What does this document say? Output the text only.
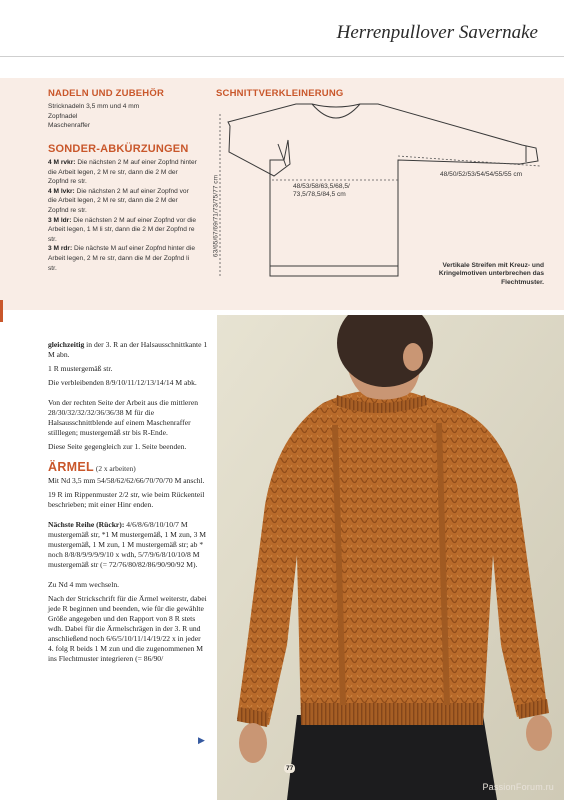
Herrenpullover Savernake
NADELN UND ZUBEHÖR
Stricknadeln 3,5 mm und 4 mm
Zopfnadel
Maschenraffer
SONDER-ABKÜRZUNGEN

4 M rvkr: Die nächsten 2 M auf einer Zopfnd hinter die Arbeit legen, 2 M re str, dann die 2 M der Zopfnd re str.

4 M lvkr: Die nächsten 2 M auf einer Zopfnd vor die Arbeit legen, 2 M re str, dann die 2 M der Zopfnd re str.

3 M ldr: Die nächsten 2 M auf einer Zopfnd vor die Arbeit legen, 1 M li str, dann die 2 M der Zopfnd re str.

3 M rdr: Die nächste M auf einer Zopfnd hinter die Arbeit legen, 2 M re str, dann die M der Zopfnd li str.

SCHNITTVERKLEINERUNG
63/65/67/69/71/73/75/77 cm	48/53/58/63,5/68,5/ 73,5/78,5/84,5 cm
48/50/52/53/54/54/55/55 cm
Vertikale Streifen mit Kreuz- und Kringelmotiven unterbrechen das Flechtmuster.

gleichzeitig in der 3. R an der Halsausschnittkante 1 M abn.

1 R mustergemäß str.

Die verbleibenden 8/9/10/11/12/13/14/14 M abk.

Von der rechten Seite der Arbeit aus die mittleren 28/30/32/32/32/36/36/38 M für die Halsausschnittblende auf einem Maschenraffer stilllegen; mustergemäß str bis R-Ende.

Diese Seite gegengleich zur 1. Seite beenden.

ÄRMEL (2 x arbeiten)

Mit Nd 3,5 mm 54/58/62/62/66/70/70/70 M anschl.

19 R im Rippenmuster 2/2 str, wie beim Rückenteil beschrieben; mit einer Hinr enden.

Nächste Reihe (Rückr): 4/6/8/6/8/10/10/7 M mustergemäß str, *1 M mustergemäß, 1 M zun, 3 M mustergemäß, 1 M zun, 1 M mustergemäß str; ab * noch 8/8/8/9/9/9/9/10 x wdh, 5/7/9/6/8/10/10/8 M mustergemäß str (= 72/76/80/82/86/90/90/92 M).

Zu Nd 4 mm wechseln.

Nach der Strickschrift für die Ärmel weiterstr, dabei jede R beginnen und beenden, wie für die gewählte Größe angegeben und den Rapport von 8 R stets wdh. Dabei für die Ärmelschrägen in der 3. R und anschließend noch 6/6/5/10/11/14/19/22 x in jeder 4. folg R beids 1 M zun und die zugenommenen M ins Flechtmuster integrieren (= 86/90/

▶
77
PassionForum.ru
